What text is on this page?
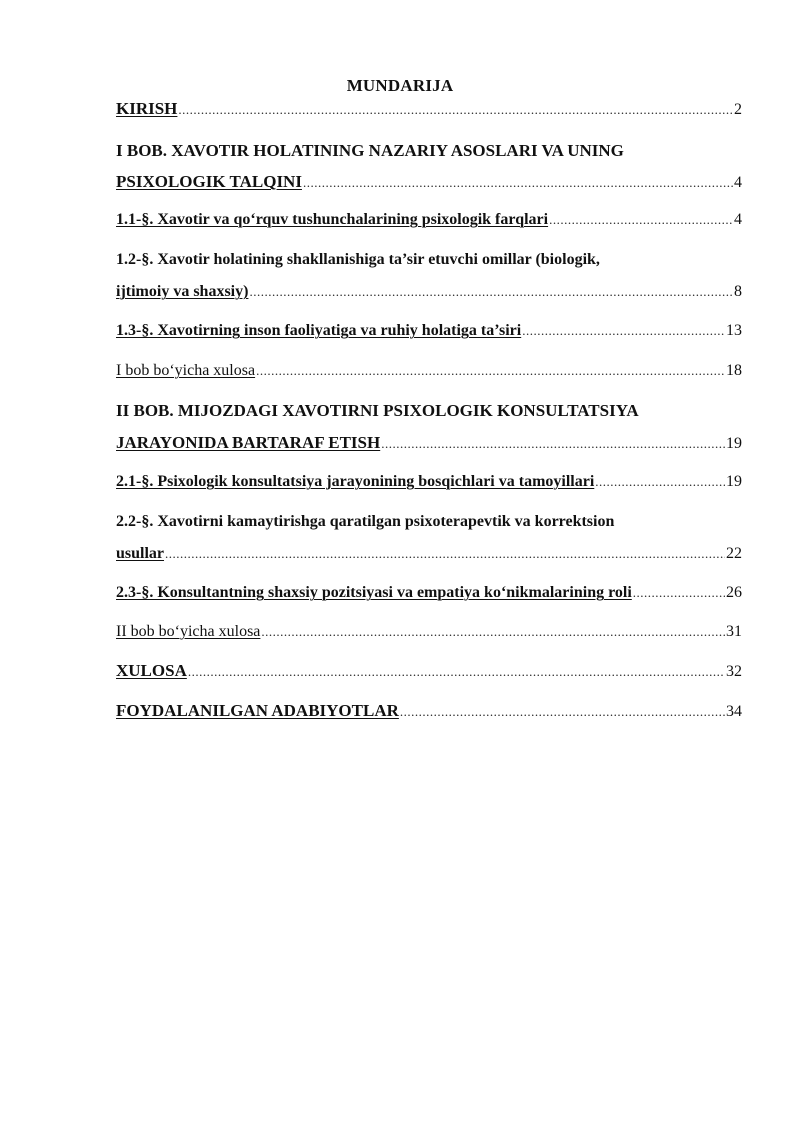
MUNDARIJA
KIRISH .....	2
I BOB. XAVOTIR HOLATINING NAZARIY ASOSLARI VA UNING
PSIXOLOGIK TALQINI .....	4
1.1-§. Xavotir va qo‘rquv tushunchalarining psixologik farqlari .....	4
1.2-§. Xavotir holatining shakllanishiga ta’sir etuvchi omillar (biologik,
ijtimoiy va shaxsiy) .....	8
1.3-§. Xavotirning inson faoliyatiga va ruhiy holatiga ta’siri .....	13
I bob bo‘yicha xulosa .....	18
II BOB. MIJOZDAGI XAVOTIRNI PSIXOLOGIK KONSULTATSIYA
JARAYONIDA BARTARAF ETISH .....	19
2.1-§. Psixologik konsultatsiya jarayonining bosqichlari va tamoyillari .....	19
2.2-§. Xavotirni kamaytirishga qaratilgan psixoterapevtik va korrektsion
usullar .....	22
2.3-§. Konsultantning shaxsiy pozitsiyasi va empatiya ko‘nikmalarining roli .....	26
II bob bo‘yicha xulosa .....	31
XULOSA .....	32
FOYDALANILGAN ADABIYOTLAR .....	34
